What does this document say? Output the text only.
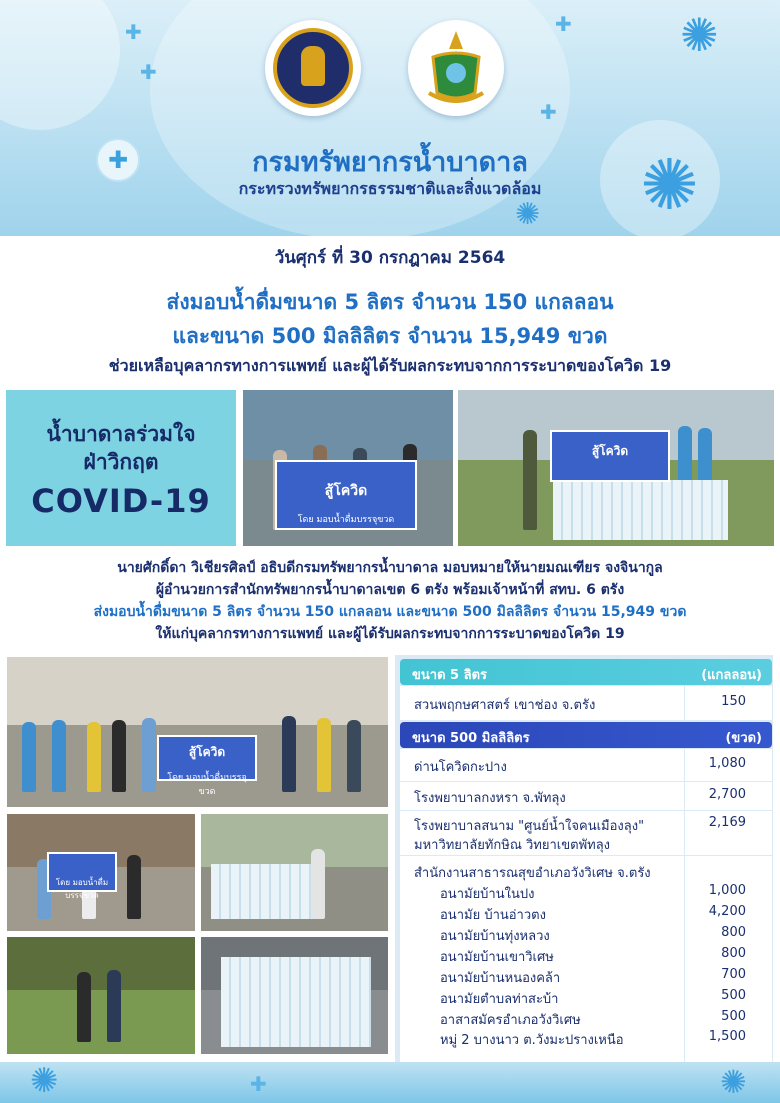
✚
✚
✚
✚
✚
✺
✺
✺
กรมทรัพยากรน้ำบาดาล
กระทรวงทรัพยากรธรรมชาติและสิ่งแวดล้อม
วันศุกร์ ที่ 30 กรกฎาคม 2564
ส่งมอบน้ำดื่มขนาด 5 ลิตร จำนวน 150 แกลลอน
และขนาด 500 มิลลิลิตร จำนวน 15,949 ขวด
ช่วยเหลือบุคลากรทางการแพทย์ และผู้ได้รับผลกระทบจากการระบาดของโควิด 19
น้ำบาดาลร่วมใจ
ฝ่าวิกฤต
COVID-19	สู้โควิด
โดย มอบน้ำดื่มบรรจุขวด
สู้โควิด
นายศักดิ์ดา วิเชียรศิลป์ อธิบดีกรมทรัพยากรน้ำบาดาล มอบหมายให้นายมณเฑียร จงจินากูล
ผู้อำนวยการสำนักทรัพยากรน้ำบาดาลเขต 6 ตรัง พร้อมเจ้าหน้าที่ สทบ. 6 ตรัง
ส่งมอบน้ำดื่มขนาด 5 ลิตร จำนวน 150 แกลลอน และขนาด 500 มิลลิลิตร จำนวน 15,949 ขวด
ให้แก่บุคลากรทางการแพทย์ และผู้ได้รับผลกระทบจากการระบาดของโควิด 19
สู้โควิด
โดย มอบน้ำดื่มบรรจุขวด
โดย มอบน้ำดื่มบรรจุขวด
ขนาด 5 ลิตร	(แกลลอน)
สวนพฤกษศาสตร์ เขาช่อง จ.ตรัง	150
ขนาด 500 มิลลิลิตร	(ขวด)
ด่านโควิดกะปาง	1,080
โรงพยาบาลกงหรา จ.พัทลุง	2,700
โรงพยาบาลสนาม "ศูนย์น้ำใจคนเมืองลุง"	2,169
มหาวิทยาลัยทักษิณ วิทยาเขตพัทลุง
สำนักงานสาธารณสุขอำเภอวังวิเศษ จ.ตรัง
อนามัยบ้านในปง	1,000
อนามัย บ้านอ่าวตง	4,200
อนามัยบ้านทุ่งหลวง	800
อนามัยบ้านเขาวิเศษ	800
อนามัยบ้านหนองคล้า	700
อนามัยตำบลท่าสะบ้า	500
อาสาสมัครอำเภอวังวิเศษ	500
หมู่ 2 บางนาว ต.วังมะปรางเหนือ	1,500
✺	✺
✚
